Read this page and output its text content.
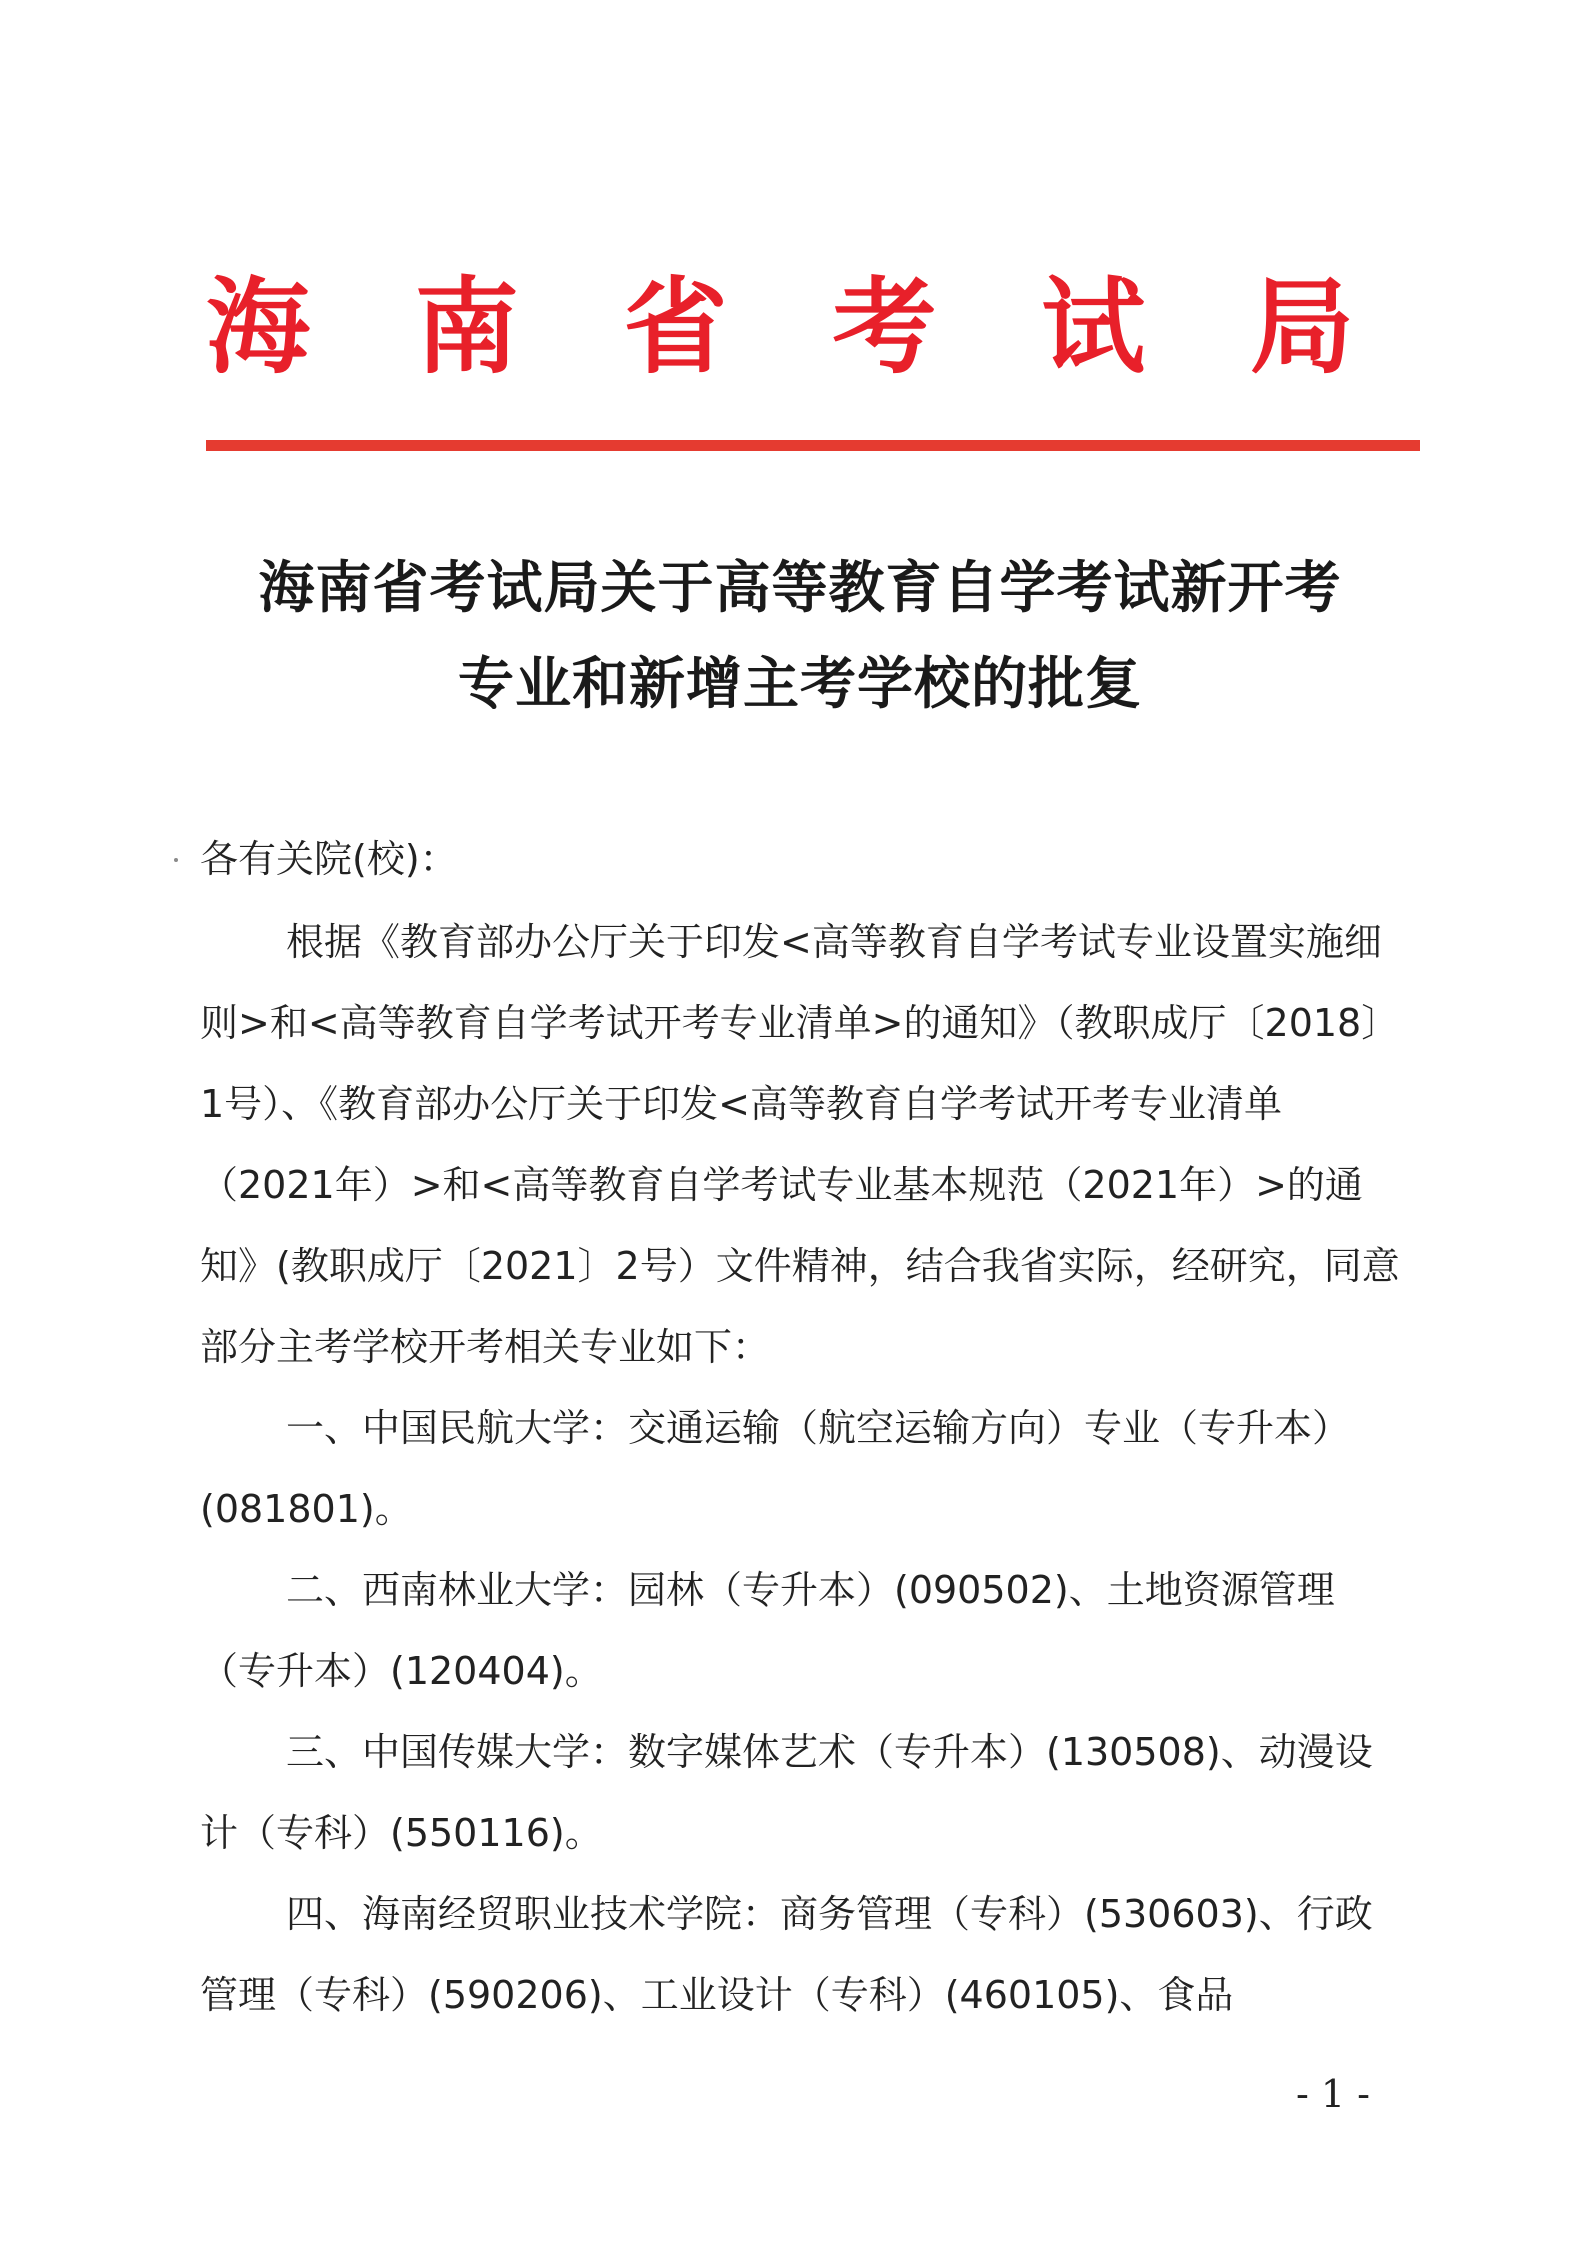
海 南 省 考 试 局
海南省考试局关于高等教育自学考试新开考
专业和新增主考学校的批复
各有关院(校)：

根据《教育部办公厅关于印发<高等教育自学考试专业设置实施细则>和<高等教育自学考试开考专业清单>的通知》（教职成厅〔2018〕1号）、《教育部办公厅关于印发<高等教育自学考试开考专业清单（2021年）>和<高等教育自学考试专业基本规范（2021年）>的通知》(教职成厅〔2021〕2号）文件精神，结合我省实际，经研究，同意部分主考学校开考相关专业如下：

一、中国民航大学：交通运输（航空运输方向）专业（专升本）(081801)。

二、西南林业大学：园林（专升本）(090502)、土地资源管理（专升本）(120404)。

三、中国传媒大学：数字媒体艺术（专升本）(130508)、动漫设计（专科）(550116)。

四、海南经贸职业技术学院：商务管理（专科）(530603)、行政管理（专科）(590206)、工业设计（专科）(460105)、食品

- 1 -
